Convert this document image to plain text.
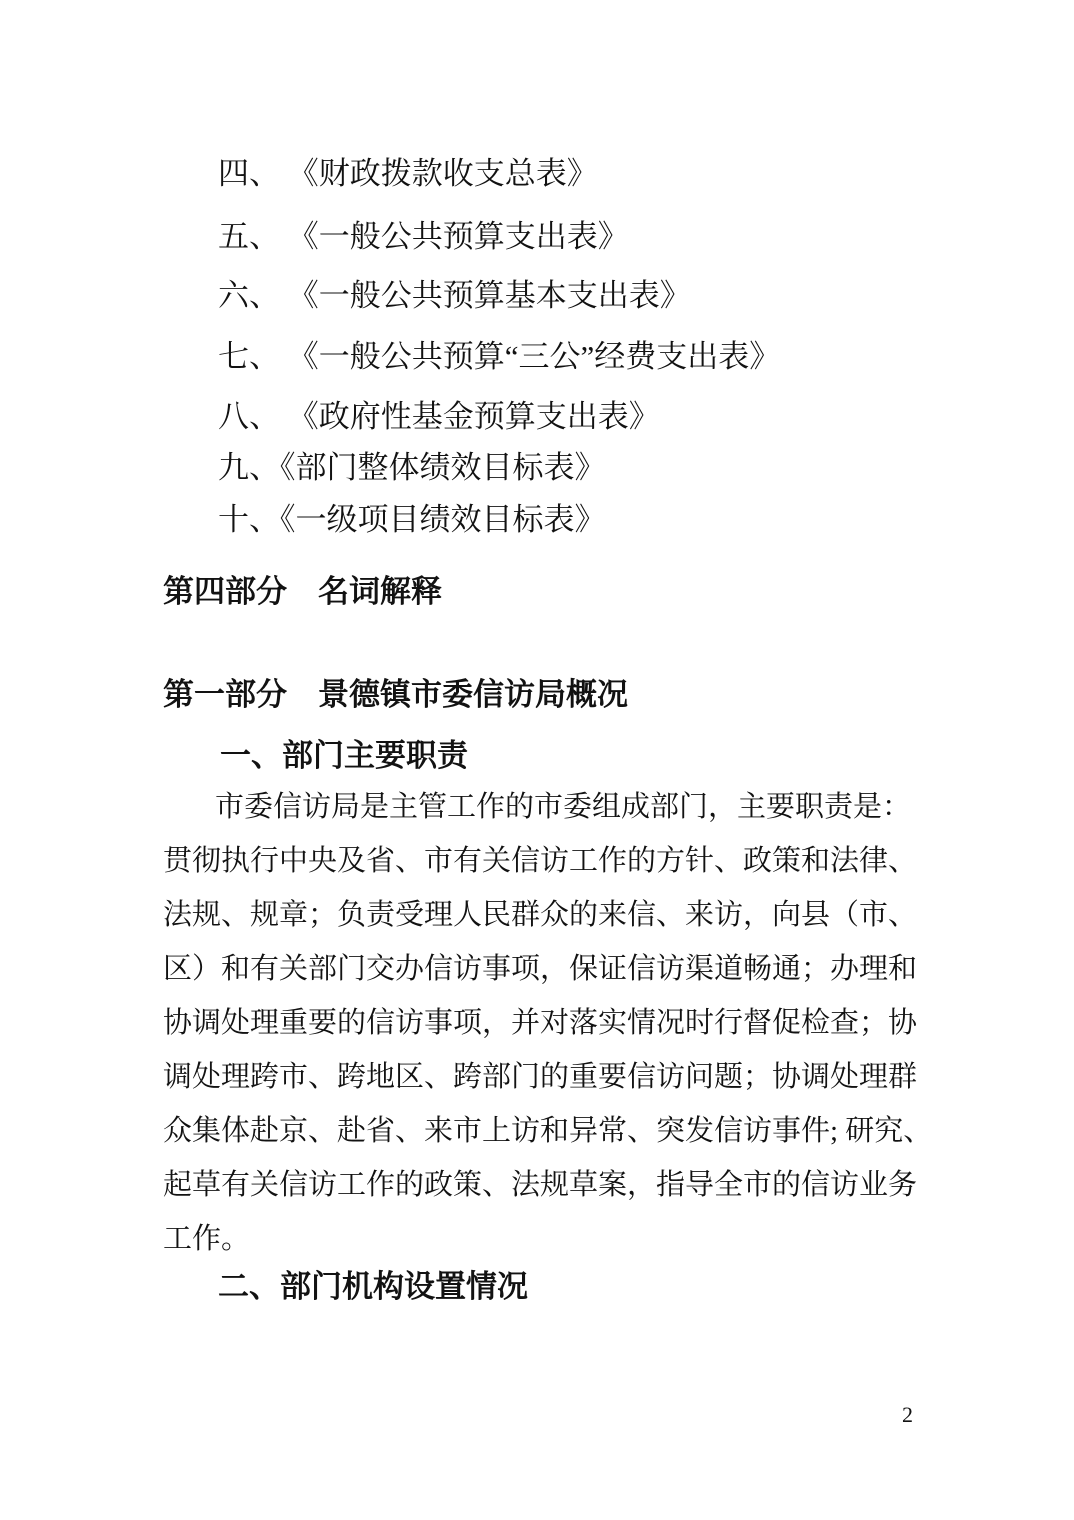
四、 《财政拨款收支总表》
五、 《一般公共预算支出表》
六、 《一般公共预算基本支出表》
七、 《一般公共预算“三公”经费支出表》
八、 《政府性基金预算支出表》
九、《部门整体绩效目标表》
十、《一级项目绩效目标表》
第四部分　名词解释
第一部分　景德镇市委信访局概况
一、部门主要职责
市委信访局是主管工作的市委组成部门，主要职责是：
贯彻执行中央及省、市有关信访工作的方针、政策和法律、
法规、规章；负责受理人民群众的来信、来访，向县（市、
区）和有关部门交办信访事项，保证信访渠道畅通；办理和
协调处理重要的信访事项，并对落实情况时行督促检查；协
调处理跨市、跨地区、跨部门的重要信访问题；协调处理群
众集体赴京、赴省、来市上访和异常、突发信访事件; 研究、
起草有关信访工作的政策、法规草案，指导全市的信访业务
工作。
二、部门机构设置情况
2
